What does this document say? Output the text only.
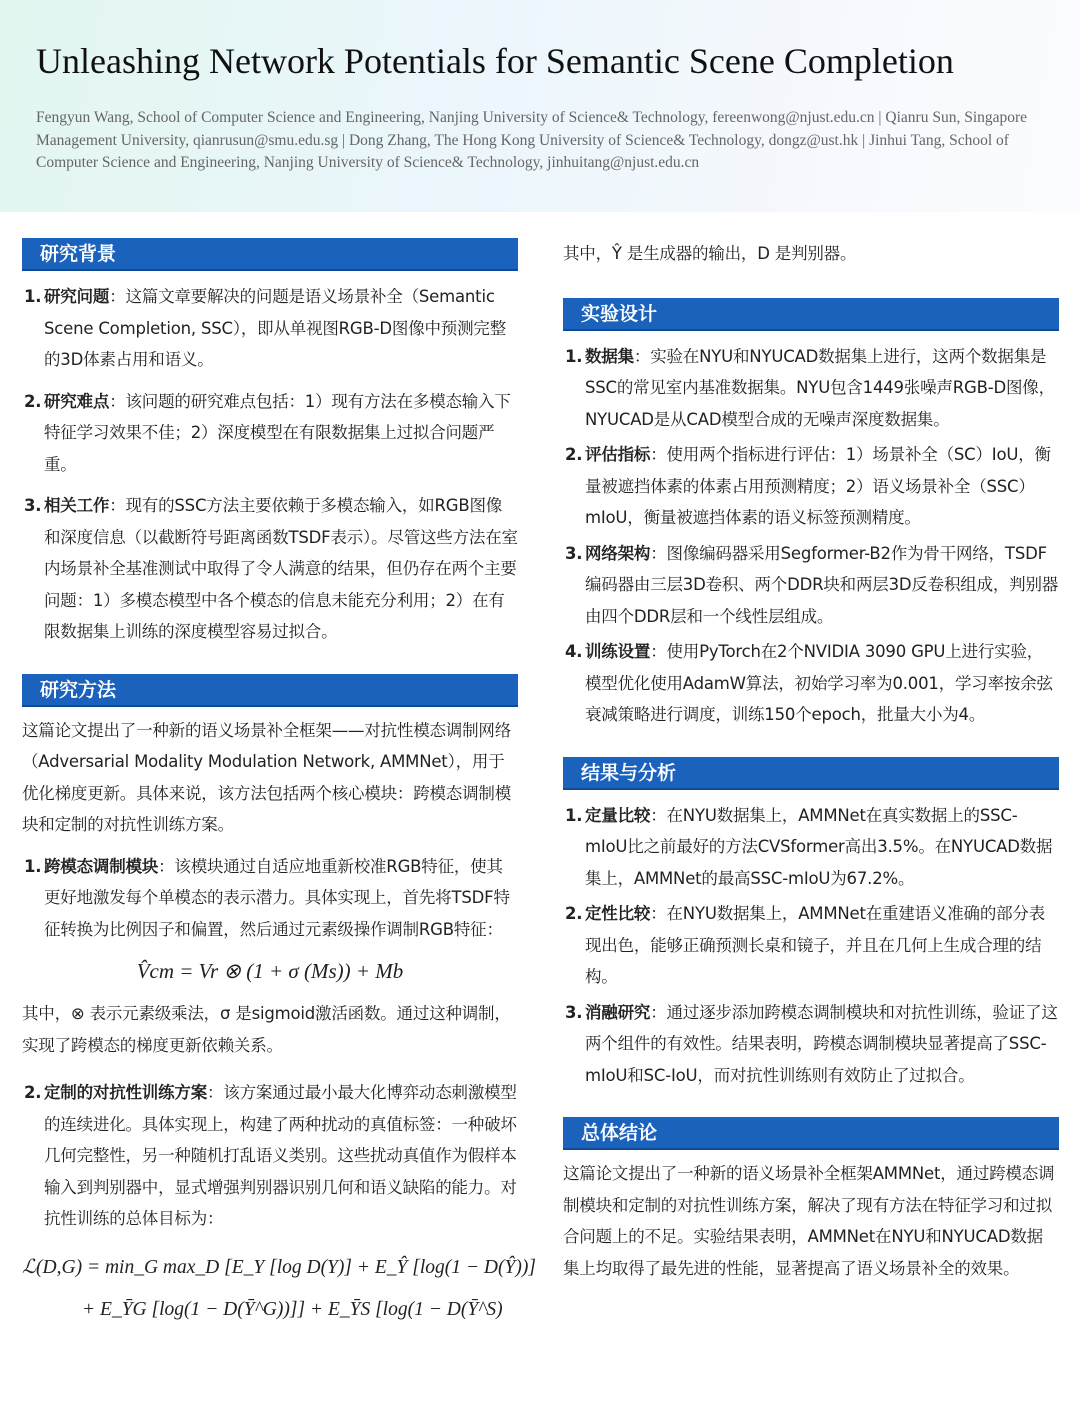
Unleashing Network Potentials for Semantic Scene Completion
Fengyun Wang, School of Computer Science and Engineering, Nanjing University of Science& Technology, fereenwong@njust.edu.cn | Qianru Sun, Singapore Management University, qianrusun@smu.edu.sg | Dong Zhang, The Hong Kong University of Science& Technology, dongz@ust.hk | Jinhui Tang, School of Computer Science and Engineering, Nanjing University of Science& Technology, jinhuitang@njust.edu.cn
研究背景
1. 研究问题：这篇文章要解决的问题是语义场景补全（Semantic Scene Completion, SSC），即从单视图RGB-D图像中预测完整的3D体素占用和语义。
2. 研究难点：该问题的研究难点包括：1）现有方法在多模态输入下特征学习效果不佳；2）深度模型在有限数据集上过拟合问题严重。
3. 相关工作：现有的SSC方法主要依赖于多模态输入，如RGB图像和深度信息（以截断符号距离函数TSDF表示）。尽管这些方法在室内场景补全基准测试中取得了令人满意的结果，但仍存在两个主要问题：1）多模态模型中各个模态的信息未能充分利用；2）在有限数据集上训练的深度模型容易过拟合。
研究方法
这篇论文提出了一种新的语义场景补全框架——对抗性模态调制网络（Adversarial Modality Modulation Network, AMMNet），用于优化梯度更新。具体来说，该方法包括两个核心模块：跨模态调制模块和定制的对抗性训练方案。
1. 跨模态调制模块：该模块通过自适应地重新校准RGB特征，使其更好地激发每个单模态的表示潜力。具体实现上，首先将TSDF特征转换为比例因子和偏置，然后通过元素级操作调制RGB特征：
V̂cm = Vr ⊗ (1 + σ (Ms)) + Mb
其中，⊗ 表示元素级乘法，σ 是sigmoid激活函数。通过这种调制，实现了跨模态的梯度更新依赖关系。
2. 定制的对抗性训练方案：该方案通过最小最大化博弈动态刺激模型的连续进化。具体实现上，构建了两种扰动的真值标签：一种破坏几何完整性，另一种随机打乱语义类别。这些扰动真值作为假样本输入到判别器中，显式增强判别器识别几何和语义缺陷的能力。对抗性训练的总体目标为：
ℒ(D,G) = min_G max_D [E_Y [log D(Y)] + E_Ŷ [log(1 − D(Ŷ))]
+ E_ȲG [log(1 − D(Ȳ^G))]] + E_ȲS [log(1 − D(Ȳ^S)
其中，Ŷ 是生成器的输出，D 是判别器。
实验设计
1. 数据集：实验在NYU和NYUCAD数据集上进行，这两个数据集是SSC的常见室内基准数据集。NYU包含1449张噪声RGB-D图像，NYUCAD是从CAD模型合成的无噪声深度数据集。
2. 评估指标：使用两个指标进行评估：1）场景补全（SC）IoU，衡量被遮挡体素的体素占用预测精度；2）语义场景补全（SSC）mIoU，衡量被遮挡体素的语义标签预测精度。
3. 网络架构：图像编码器采用Segformer-B2作为骨干网络，TSDF编码器由三层3D卷积、两个DDR块和两层3D反卷积组成，判别器由四个DDR层和一个线性层组成。
4. 训练设置：使用PyTorch在2个NVIDIA 3090 GPU上进行实验，模型优化使用AdamW算法，初始学习率为0.001，学习率按余弦衰减策略进行调度，训练150个epoch，批量大小为4。
结果与分析
1. 定量比较：在NYU数据集上，AMMNet在真实数据上的SSC-mIoU比之前最好的方法CVSformer高出3.5%。在NYUCAD数据集上，AMMNet的最高SSC-mIoU为67.2%。
2. 定性比较：在NYU数据集上，AMMNet在重建语义准确的部分表现出色，能够正确预测长桌和镜子，并且在几何上生成合理的结构。
3. 消融研究：通过逐步添加跨模态调制模块和对抗性训练，验证了这两个组件的有效性。结果表明，跨模态调制模块显著提高了SSC-mIoU和SC-IoU，而对抗性训练则有效防止了过拟合。
总体结论
这篇论文提出了一种新的语义场景补全框架AMMNet，通过跨模态调制模块和定制的对抗性训练方案，解决了现有方法在特征学习和过拟合问题上的不足。实验结果表明，AMMNet在NYU和NYUCAD数据集上均取得了最先进的性能，显著提高了语义场景补全的效果。
